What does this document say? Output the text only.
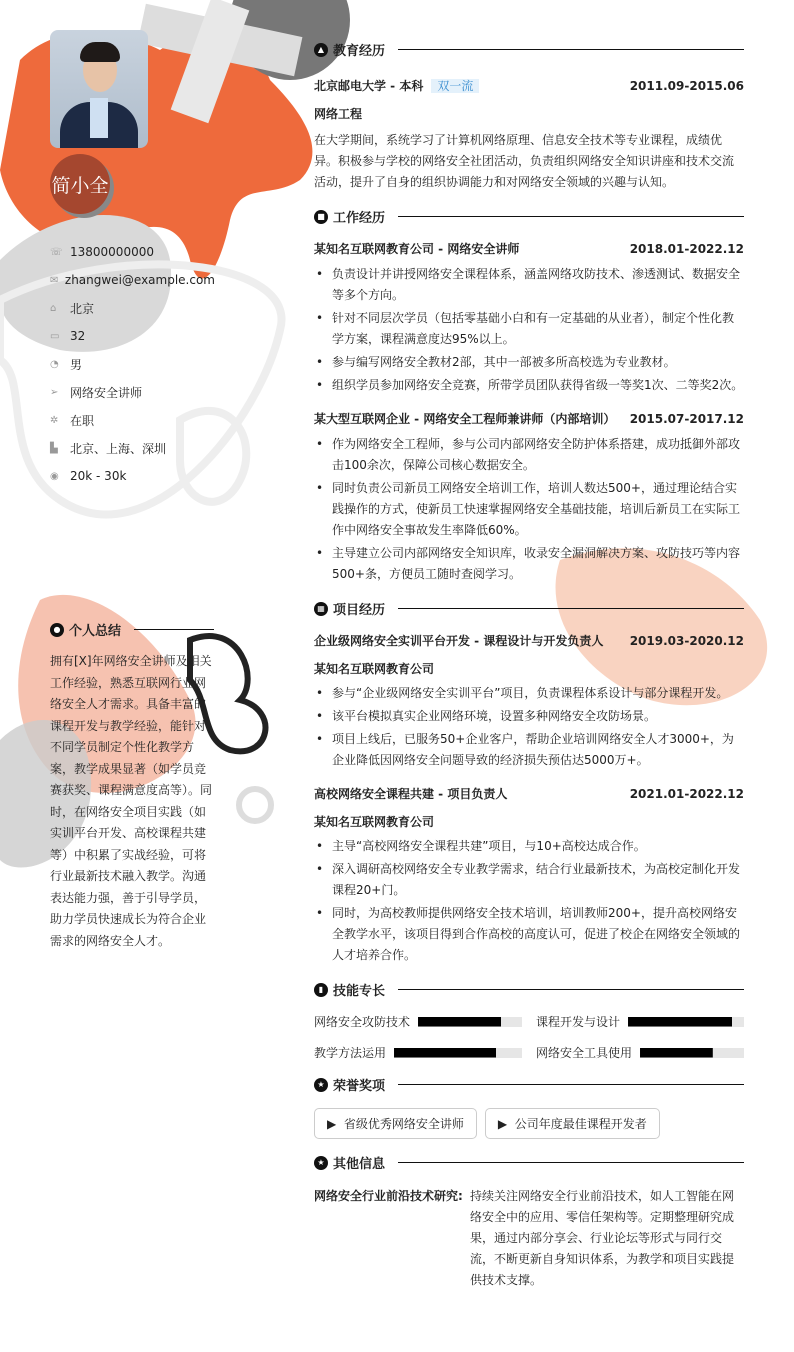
简小全
☏ 13800000000
✉ zhangwei@example.com
⌂	北京
▭ 32
◔ 男
➢ 网络安全讲师
✲ 在职
▙	北京、上海、深圳
◉ 20k - 30k
● 个人总结
拥有[X]年网络安全讲师及相关工作经验，熟悉互联网行业网络安全人才需求。具备丰富的课程开发与教学经验，能针对不同学员制定个性化教学方案，教学成果显著（如学员竞赛获奖、课程满意度高等）。同时，在网络安全项目实践（如实训平台开发、高校课程共建等）中积累了实战经验，可将行业最新技术融入教学。沟通表达能力强，善于引导学员，助力学员快速成长为符合企业需求的网络安全人才。
▲ 教育经历
北京邮电大学 - 本科 双一流	2011.09-2015.06
网络工程
在大学期间，系统学习了计算机网络原理、信息安全技术等专业课程，成绩优异。积极参与学校的网络安全社团活动，负责组织网络安全知识讲座和技术交流活动，提升了自身的组织协调能力和对网络安全领域的兴趣与认知。
■ 工作经历
某知名互联网教育公司 - 网络安全讲师	2018.01-2022.12
• 负责设计并讲授网络安全课程体系，涵盖网络攻防技术、渗透测试、数据安全等多个方向。
• 针对不同层次学员（包括零基础小白和有一定基础的从业者），制定个性化教学方案，课程满意度达95%以上。
• 参与编写网络安全教材2部，其中一部被多所高校选为专业教材。
• 组织学员参加网络安全竞赛，所带学员团队获得省级一等奖1次、二等奖2次。
某大型互联网企业 - 网络安全工程师兼讲师（内部培训） 2015.07-2017.12
• 作为网络安全工程师，参与公司内部网络安全防护体系搭建，成功抵御外部攻击100余次，保障公司核心数据安全。
• 同时负责公司新员工网络安全培训工作，培训人数达500+，通过理论结合实践操作的方式，使新员工快速掌握网络安全基础技能，培训后新员工在实际工作中网络安全事故发生率降低60%。
• 主导建立公司内部网络安全知识库，收录安全漏洞解决方案、攻防技巧等内容500+条，方便员工随时查阅学习。
▦ 项目经历
企业级网络安全实训平台开发 - 课程设计与开发负责人 2019.03-2020.12
某知名互联网教育公司
• 参与“企业级网络安全实训平台”项目，负责课程体系设计与部分课程开发。
• 该平台模拟真实企业网络环境，设置多种网络安全攻防场景。
• 项目上线后，已服务50+企业客户，帮助企业培训网络安全人才3000+，为企业降低因网络安全问题导致的经济损失预估达5000万+。
高校网络安全课程共建 - 项目负责人	2021.01-2022.12
某知名互联网教育公司
• 主导“高校网络安全课程共建”项目，与10+高校达成合作。
• 深入调研高校网络安全专业教学需求，结合行业最新技术，为高校定制化开发课程20+门。
• 同时，为高校教师提供网络安全技术培训，培训教师200+，提升高校网络安全教学水平，该项目得到合作高校的高度认可，促进了校企在网络安全领域的人才培养合作。
▮ 技能专长
网络安全攻防技术	课程开发与设计
教学方法运用	网络安全工具使用
★ 荣誉奖项
▶  省级优秀网络安全讲师	▶  公司年度最佳课程开发者
★ 其他信息
网络安全行业前沿技术研究: 持续关注网络安全行业前沿技术，如人工智能在网络安全中的应用、零信任架构等。定期整理研究成果，通过内部分享会、行业论坛等形式与同行交流，不断更新自身知识体系，为教学和项目实践提供技术支撑。
